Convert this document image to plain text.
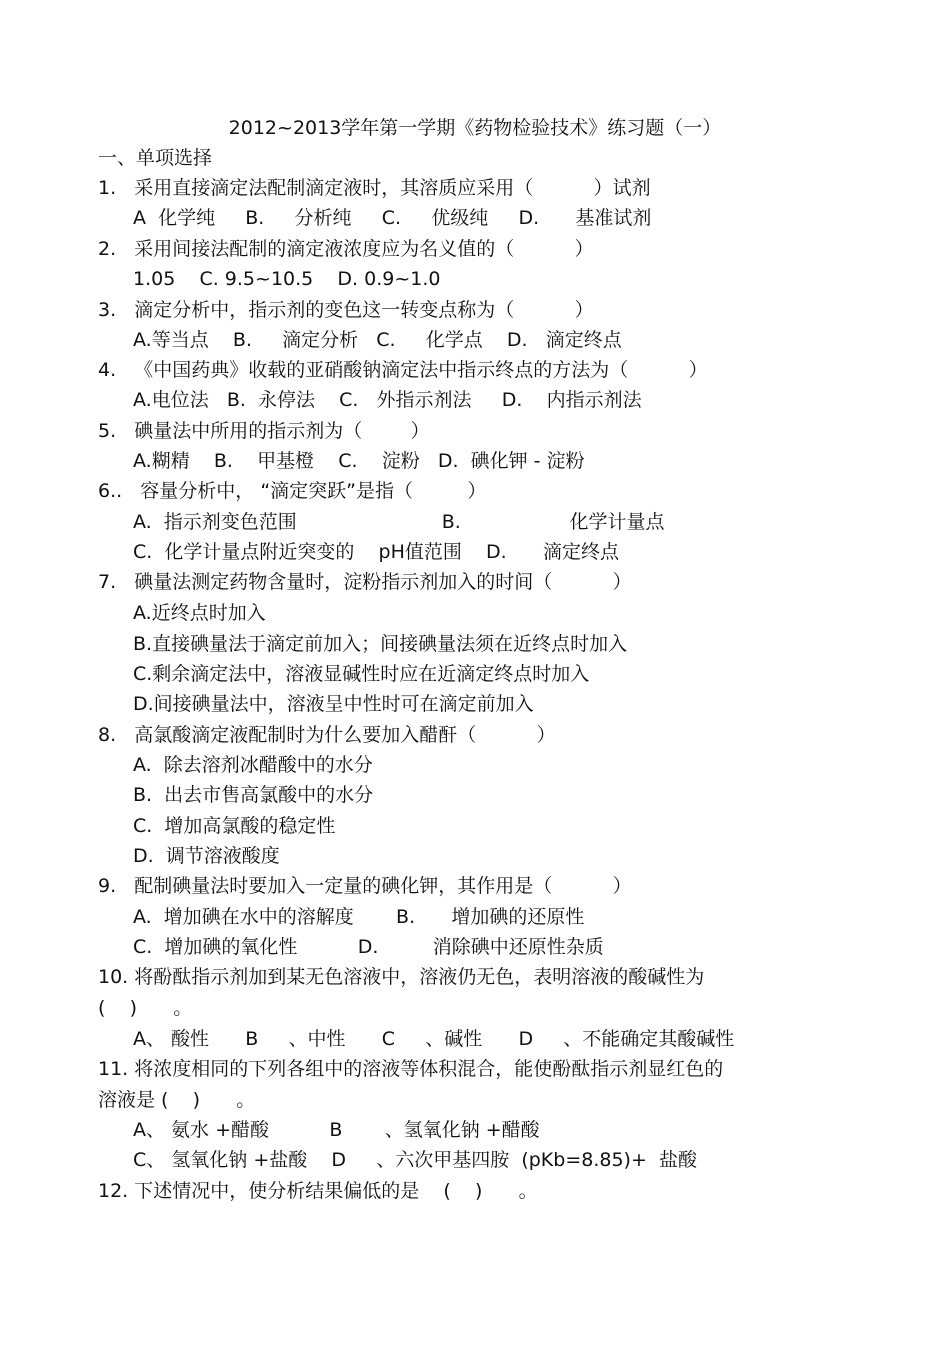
2012~2013学年第一学期《药物检验技术》练习题（一）
一、单项选择
1.   采用直接滴定法配制滴定液时，其溶质应采用（          ）试剂
A  化学纯     B.     分析纯     C.     优级纯     D.      基准试剂
2.   采用间接法配制的滴定液浓度应为名义值的（          ）
1.05    C. 9.5~10.5    D. 0.9~1.0
3.   滴定分析中，指示剂的变色这一转变点称为（          ）
A.等当点    B.     滴定分析   C.     化学点    D.   滴定终点
4.   《中国药典》收载的亚硝酸钠滴定法中指示终点的方法为（          ）
A.电位法   B.  永停法    C.   外指示剂法     D.    内指示剂法
5.   碘量法中所用的指示剂为（        ）
A.糊精    B.    甲基橙    C.    淀粉   D.  碘化钾 - 淀粉
6..   容量分析中， “滴定突跃”是指（         ）
A.  指示剂变色范围                        B.                  化学计量点
C.  化学计量点附近突变的    pH值范围    D.      滴定终点
7.   碘量法测定药物含量时，淀粉指示剂加入的时间（          ）
A.近终点时加入
B.直接碘量法于滴定前加入；间接碘量法须在近终点时加入
C.剩余滴定法中，溶液显碱性时应在近滴定终点时加入
D.间接碘量法中，溶液呈中性时可在滴定前加入
8.   高氯酸滴定液配制时为什么要加入醋酐（          ）
A.  除去溶剂冰醋酸中的水分
B.  出去市售高氯酸中的水分
C.  增加高氯酸的稳定性
D.  调节溶液酸度
9.   配制碘量法时要加入一定量的碘化钾，其作用是（          ）
A.  增加碘在水中的溶解度       B.      增加碘的还原性
C.  增加碘的氧化性          D.         消除碘中还原性杂质
10. 将酚酞指示剂加到某无色溶液中，溶液仍无色，表明溶液的酸碱性为
(    )      。
A、 酸性      B     、中性      C     、碱性      D     、不能确定其酸碱性
11. 将浓度相同的下列各组中的溶液等体积混合，能使酚酞指示剂显红色的
溶液是 (    )      。
A、 氨水 +醋酸          B       、氢氧化钠 +醋酸
C、 氢氧化钠 +盐酸    D     、六次甲基四胺  (pKb=8.85)+  盐酸
12. 下述情况中，使分析结果偏低的是    (    )      。
